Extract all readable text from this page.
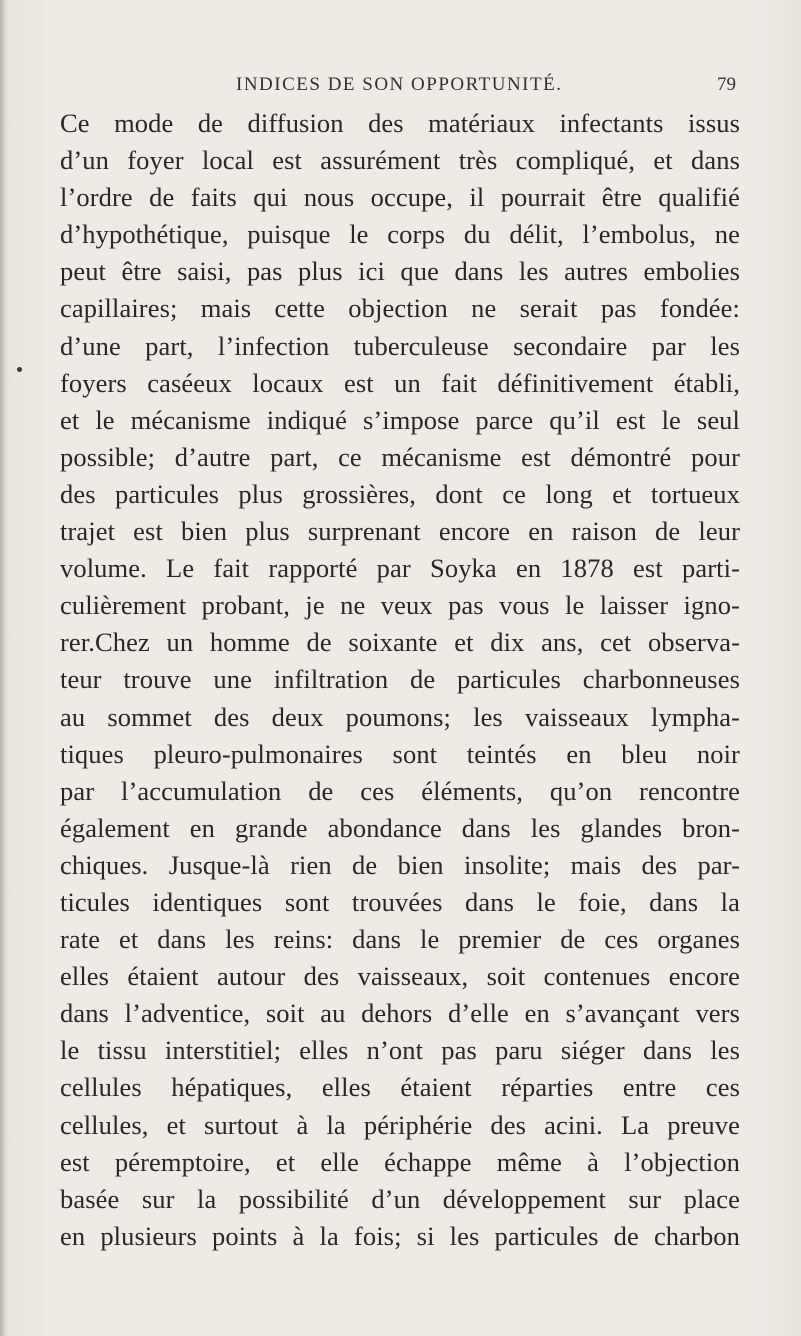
INDICES DE SON OPPORTUNITÉ.	79
Ce mode de diffusion des matériaux infectants issus
d’un foyer local est assurément très compliqué, et dans
l’ordre de faits qui nous occupe, il pourrait être qualifié
d’hypothétique, puisque le corps du délit, l’embolus, ne
peut être saisi, pas plus ici que dans les autres embolies
capillaires; mais cette objection ne serait pas fondée:
d’une part, l’infection tuberculeuse secondaire par les
foyers caséeux locaux est un fait définitivement établi,
et le mécanisme indiqué s’impose parce qu’il est le seul
possible; d’autre part, ce mécanisme est démontré pour
des particules plus grossières, dont ce long et tortueux
trajet est bien plus surprenant encore en raison de leur
volume. Le fait rapporté par Soyka en 1878 est parti-
culièrement probant, je ne veux pas vous le laisser igno-
rer.Chez un homme de soixante et dix ans, cet observa-
teur trouve une infiltration de particules charbonneuses
au sommet des deux poumons; les vaisseaux lympha-
tiques pleuro-pulmonaires sont teintés en bleu noir
par l’accumulation de ces éléments, qu’on rencontre
également en grande abondance dans les glandes bron-
chiques. Jusque-là rien de bien insolite; mais des par-
ticules identiques sont trouvées dans le foie, dans la
rate et dans les reins: dans le premier de ces organes
elles étaient autour des vaisseaux, soit contenues encore
dans l’adventice, soit au dehors d’elle en s’avançant vers
le tissu interstitiel; elles n’ont pas paru siéger dans les
cellules hépatiques, elles étaient réparties entre ces
cellules, et surtout à la périphérie des acini. La preuve
est péremptoire, et elle échappe même à l’objection
basée sur la possibilité d’un développement sur place
en plusieurs points à la fois; si les particules de charbon
